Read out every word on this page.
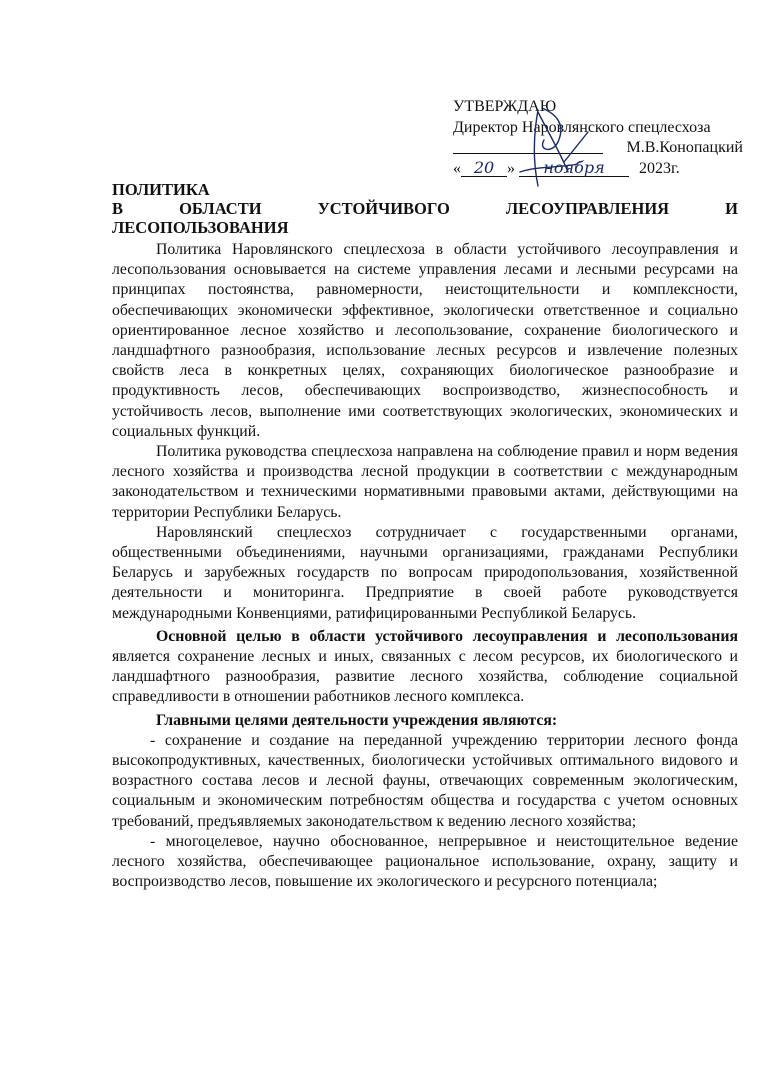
УТВЕРЖДАЮ
Директор Наровлянского спецлесхоза
М.В.Конопацкий
« 20 »	ноября	2023г.
ПОЛИТИКА
В	ОБЛАСТИ	УСТОЙЧИВОГО	ЛЕСОУПРАВЛЕНИЯ	И
ЛЕСОПОЛЬЗОВАНИЯ

Политика Наровлянского спецлесхоза в области устойчивого лесоуправления и лесопользования основывается на системе управления лесами и лесными ресурсами на принципах постоянства, равномерности, неистощительности и комплексности, обеспечивающих экономически эффективное, экологически ответственное и социально ориентированное лесное хозяйство и лесопользование, сохранение биологического и ландшафтного разнообразия, использование лесных ресурсов и извлечение полезных свойств леса в конкретных целях, сохраняющих биологическое разнообразие и продуктивность лесов, обеспечивающих воспроизводство, жизнеспособность и устойчивость лесов, выполнение ими соответствующих экологических, экономических и социальных функций.

Политика руководства спецлесхоза направлена на соблюдение правил и норм ведения лесного хозяйства и производства лесной продукции в соответствии с международным законодательством и техническими нормативными правовыми актами, действующими на территории Республики Беларусь.

Наровлянский спецлесхоз сотрудничает с государственными органами, общественными объединениями, научными организациями, гражданами Республики Беларусь и зарубежных государств по вопросам природопользования, хозяйственной деятельности и мониторинга. Предприятие в своей работе руководствуется международными Конвенциями, ратифицированными Республикой Беларусь.

Основной целью в области устойчивого лесоуправления и лесопользования является сохранение лесных и иных, связанных с лесом ресурсов, их биологического и ландшафтного разнообразия, развитие лесного хозяйства, соблюдение социальной справедливости в отношении работников лесного комплекса.

Главными целями деятельности учреждения являются:

- сохранение и создание на переданной учреждению территории лесного фонда высокопродуктивных, качественных, биологически устойчивых оптимального видового и возрастного состава лесов и лесной фауны, отвечающих современным экологическим, социальным и экономическим потребностям общества и государства с учетом основных требований, предъявляемых законодательством к ведению лесного хозяйства;

- многоцелевое, научно обоснованное, непрерывное и неистощительное ведение лесного хозяйства, обеспечивающее рациональное использование, охрану, защиту и воспроизводство лесов, повышение их экологического и ресурсного потенциала;
